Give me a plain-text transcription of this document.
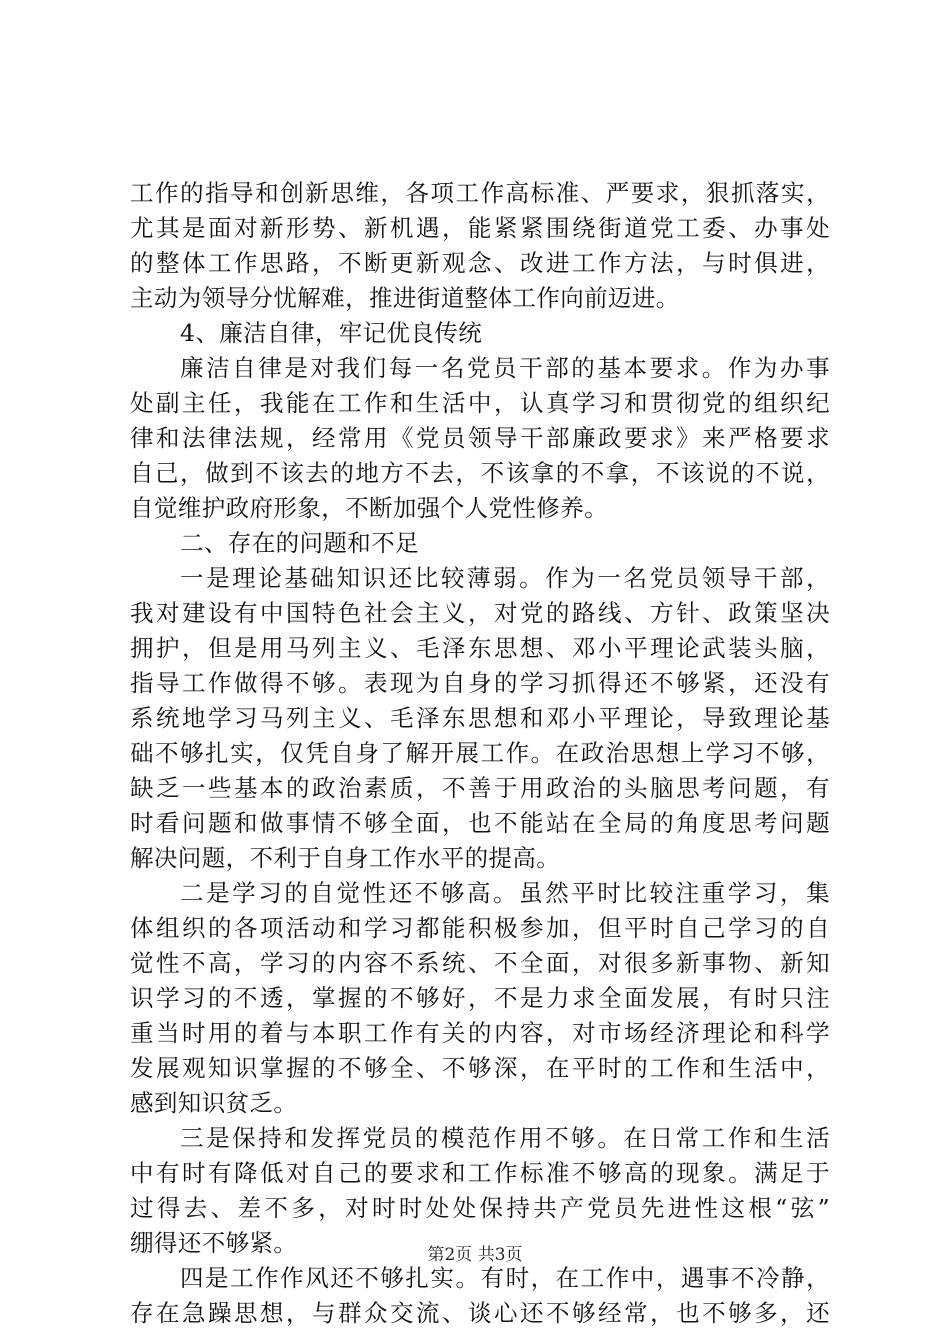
工作的指导和创新思维，各项工作高标准、严要求，狠抓落实，
尤其是面对新形势、新机遇，能紧紧围绕街道党工委、办事处
的整体工作思路，不断更新观念、改进工作方法，与时俱进，
主动为领导分忧解难，推进街道整体工作向前迈进。
4、廉洁自律，牢记优良传统
廉洁自律是对我们每一名党员干部的基本要求。作为办事
处副主任，我能在工作和生活中，认真学习和贯彻党的组织纪
律和法律法规，经常用《党员领导干部廉政要求》来严格要求
自己，做到不该去的地方不去，不该拿的不拿，不该说的不说，
自觉维护政府形象，不断加强个人党性修养。
二、存在的问题和不足
一是理论基础知识还比较薄弱。作为一名党员领导干部，
我对建设有中国特色社会主义，对党的路线、方针、政策坚决
拥护，但是用马列主义、毛泽东思想、邓小平理论武装头脑，
指导工作做得不够。表现为自身的学习抓得还不够紧，还没有
系统地学习马列主义、毛泽东思想和邓小平理论，导致理论基
础不够扎实，仅凭自身了解开展工作。在政治思想上学习不够，
缺乏一些基本的政治素质，不善于用政治的头脑思考问题，有
时看问题和做事情不够全面，也不能站在全局的角度思考问题
解决问题，不利于自身工作水平的提高。
二是学习的自觉性还不够高。虽然平时比较注重学习，集
体组织的各项活动和学习都能积极参加，但平时自己学习的自
觉性不高，学习的内容不系统、不全面，对很多新事物、新知
识学习的不透，掌握的不够好，不是力求全面发展，有时只注
重当时用的着与本职工作有关的内容，对市场经济理论和科学
发展观知识掌握的不够全、不够深，在平时的工作和生活中，
感到知识贫乏。
三是保持和发挥党员的模范作用不够。在日常工作和生活
中有时有降低对自己的要求和工作标准不够高的现象。满足于
过得去、差不多，对时时处处保持共产党员先进性这根“弦”
绷得还不够紧。
四是工作作风还不够扎实。有时，在工作中，遇事不冷静，
存在急躁思想，与群众交流、谈心还不够经常，也不够多，还
第2页 共3页
